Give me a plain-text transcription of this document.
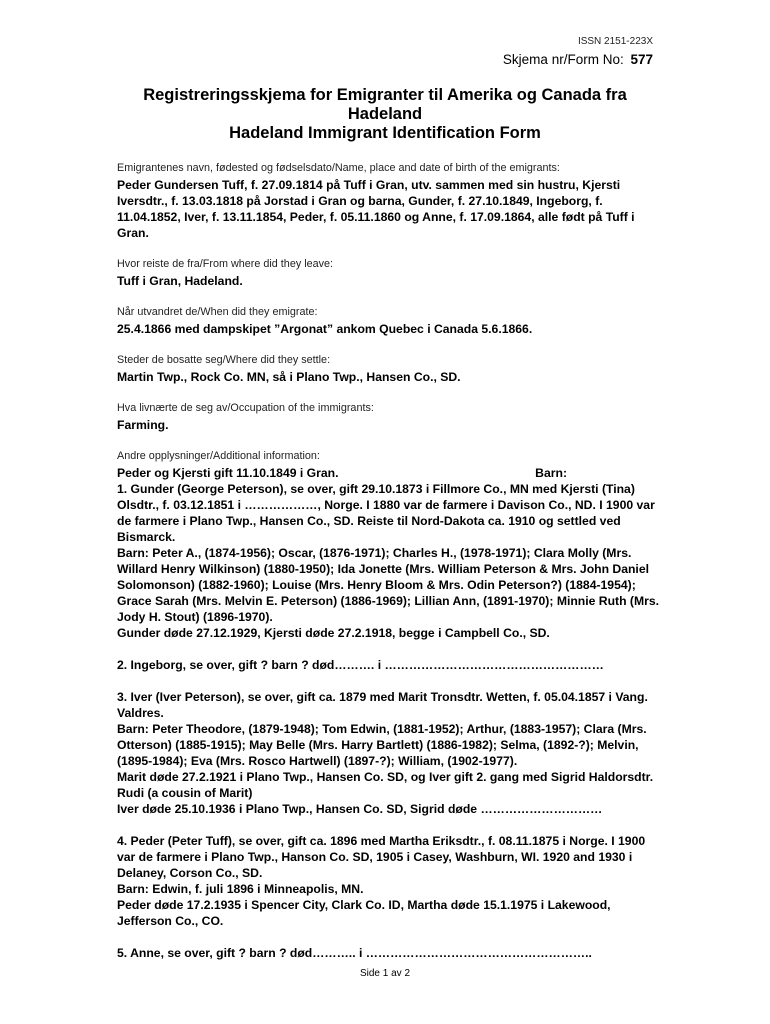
ISSN 2151-223X
Skjema nr/Form No: 577
Registreringsskjema for Emigranter til Amerika og Canada fra
Hadeland
Hadeland Immigrant Identification Form

Emigrantenes navn, fødested og fødselsdato/Name, place and date of birth of the emigrants:

Peder Gundersen Tuff, f. 27.09.1814 på Tuff i Gran, utv. sammen med sin hustru, Kjersti Iversdtr., f. 13.03.1818 på Jorstad i Gran og barna, Gunder, f. 27.10.1849, Ingeborg, f. 11.04.1852, Iver, f. 13.11.1854, Peder, f. 05.11.1860 og Anne, f. 17.09.1864, alle født på Tuff i Gran.

Hvor reiste de fra/From where did they leave:

Tuff i Gran, Hadeland.

Når utvandret de/When did they emigrate:

25.4.1866 med dampskipet ”Argonat” ankom Quebec i Canada 5.6.1866.

Steder de bosatte seg/Where did they settle:

Martin Twp., Rock Co. MN, så i Plano Twp., Hansen Co., SD.

Hva livnærte de seg av/Occupation of the immigrants:

Farming.

Andre opplysninger/Additional information:

Barn:
Peder og Kjersti gift 11.10.1849 i Gran.

1. Gunder (George Peterson), se over, gift 29.10.1873 i Fillmore Co., MN med Kjersti (Tina) Olsdtr., f. 03.12.1851 i ………………, Norge. I 1880 var de farmere i Davison Co., ND. I 1900 var de farmere i Plano Twp., Hansen Co., SD. Reiste til Nord-Dakota ca. 1910 og settled ved Bismarck.

Barn: Peter A., (1874-1956); Oscar, (1876-1971); Charles H., (1978-1971); Clara Molly (Mrs. Willard Henry Wilkinson) (1880-1950); Ida Jonette (Mrs. William Peterson & Mrs. John Daniel Solomonson) (1882-1960); Louise (Mrs. Henry Bloom & Mrs. Odin Peterson?) (1884-1954); Grace Sarah (Mrs. Melvin E. Peterson) (1886-1969); Lillian Ann, (1891-1970); Minnie Ruth (Mrs. Jody H. Stout) (1896-1970).

Gunder døde 27.12.1929, Kjersti døde 27.2.1918, begge i Campbell Co., SD.

2. Ingeborg, se over, gift ? barn ? død………. i ………………………………………………

3. Iver (Iver Peterson), se over, gift ca. 1879 med Marit Tronsdtr. Wetten, f. 05.04.1857 i Vang. Valdres.

Barn: Peter Theodore, (1879-1948); Tom Edwin, (1881-1952); Arthur, (1883-1957); Clara (Mrs. Otterson) (1885-1915); May Belle (Mrs. Harry Bartlett) (1886-1982); Selma, (1892-?); Melvin, (1895-1984); Eva (Mrs. Rosco Hartwell) (1897-?); William, (1902-1977).

Marit døde 27.2.1921 i Plano Twp., Hansen Co. SD, og Iver gift 2. gang med Sigrid Haldorsdtr. Rudi (a cousin of Marit)

Iver døde 25.10.1936 i Plano Twp., Hansen Co. SD, Sigrid døde …………………………

4. Peder (Peter Tuff), se over, gift ca. 1896 med Martha Eriksdtr., f. 08.11.1875 i Norge. I 1900 var de farmere i Plano Twp., Hanson Co. SD, 1905 i Casey, Washburn, WI. 1920 and 1930 i Delaney, Corson Co., SD.

Barn: Edwin, f. juli 1896 i Minneapolis, MN.

Peder døde 17.2.1935 i Spencer City, Clark Co. ID, Martha døde 15.1.1975 i Lakewood, Jefferson Co., CO.

5. Anne, se over, gift ? barn ? død……….. i ………………………………………………..

Side 1 av 2
